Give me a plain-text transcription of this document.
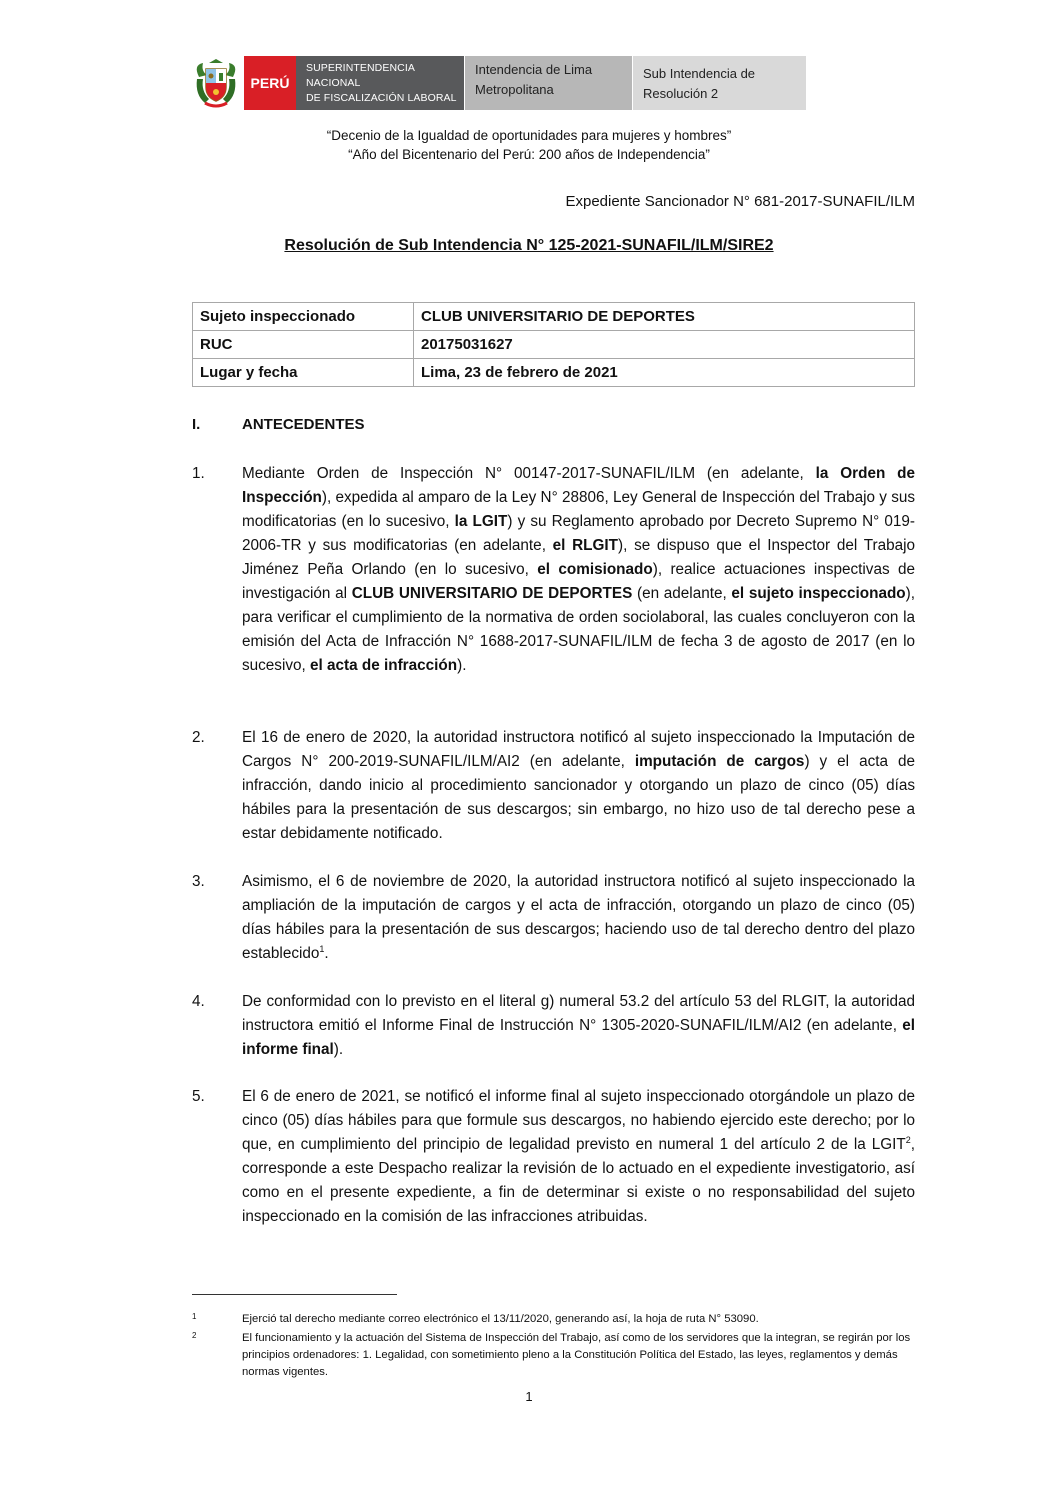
PERÚ
SUPERINTENDENCIA NACIONAL
DE FISCALIZACIÓN LABORAL
Intendencia de Lima
Metropolitana
Sub Intendencia de
Resolución 2
“Decenio de la Igualdad de oportunidades para mujeres y hombres”
“Año del Bicentenario del Perú: 200 años de Independencia”
Expediente Sancionador N° 681-2017-SUNAFIL/ILM
Resolución de Sub Intendencia N° 125-2021-SUNAFIL/ILM/SIRE2
Sujeto inspeccionado	CLUB UNIVERSITARIO DE DEPORTES
RUC	20175031627
Lugar y fecha	Lima, 23 de febrero de 2021
I.	ANTECEDENTES
1. Mediante Orden de Inspección N° 00147-2017-SUNAFIL/ILM (en adelante, la Orden de Inspección), expedida al amparo de la Ley N° 28806, Ley General de Inspección del Trabajo y sus modificatorias (en lo sucesivo, la LGIT) y su Reglamento aprobado por Decreto Supremo N° 019-2006-TR y sus modificatorias (en adelante, el RLGIT), se dispuso que el Inspector del Trabajo Jiménez Peña Orlando (en lo sucesivo, el comisionado), realice actuaciones inspectivas de investigación al CLUB UNIVERSITARIO DE DEPORTES (en adelante, el sujeto inspeccionado), para verificar el cumplimiento de la normativa de orden sociolaboral, las cuales concluyeron con la emisión del Acta de Infracción N° 1688-2017-SUNAFIL/ILM de fecha 3 de agosto de 2017 (en lo sucesivo, el acta de infracción).
2. El 16 de enero de 2020, la autoridad instructora notificó al sujeto inspeccionado la Imputación de Cargos N° 200-2019-SUNAFIL/ILM/AI2 (en adelante, imputación de cargos) y el acta de infracción, dando inicio al procedimiento sancionador y otorgando un plazo de cinco (05) días hábiles para la presentación de sus descargos; sin embargo, no hizo uso de tal derecho pese a estar debidamente notificado.
3. Asimismo, el 6 de noviembre de 2020, la autoridad instructora notificó al sujeto inspeccionado la ampliación de la imputación de cargos y el acta de infracción, otorgando un plazo de cinco (05) días hábiles para la presentación de sus descargos; haciendo uso de tal derecho dentro del plazo establecido$^1$.
4. De conformidad con lo previsto en el literal g) numeral 53.2 del artículo 53 del RLGIT, la autoridad instructora emitió el Informe Final de Instrucción N° 1305-2020-SUNAFIL/ILM/AI2 (en adelante, el informe final).
5. El 6 de enero de 2021, se notificó el informe final al sujeto inspeccionado otorgándole un plazo de cinco (05) días hábiles para que formule sus descargos, no habiendo ejercido este derecho; por lo que, en cumplimiento del principio de legalidad previsto en numeral 1 del artículo 2 de la LGIT$^2$, corresponde a este Despacho realizar la revisión de lo actuado en el expediente investigatorio, así como en el presente expediente, a fin de determinar si existe o no responsabilidad del sujeto inspeccionado en la comisión de las infracciones atribuidas.
1	Ejerció tal derecho mediante correo electrónico el 13/11/2020, generando así, la hoja de ruta N° 53090.
2	El funcionamiento y la actuación del Sistema de Inspección del Trabajo, así como de los servidores que la integran, se regirán por los principios ordenadores: 1. Legalidad, con sometimiento pleno a la Constitución Política del Estado, las leyes, reglamentos y demás normas vigentes.
1
